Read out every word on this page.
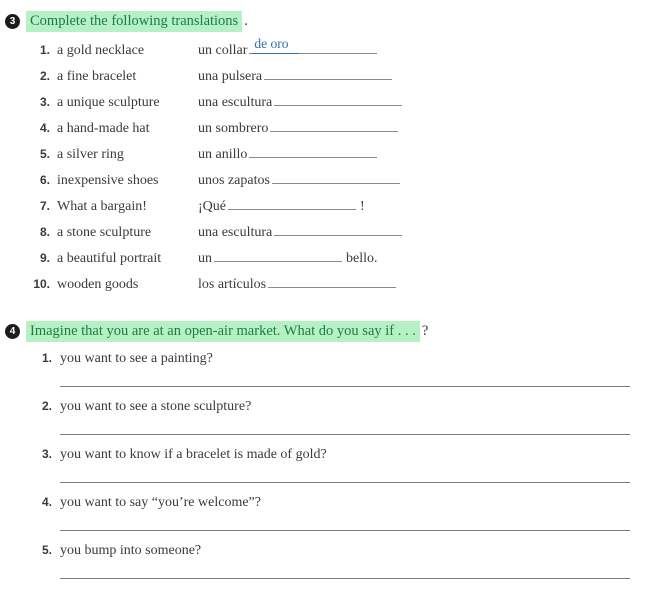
3	Complete the following translations .
1. a gold necklace	un collar de oro
2. a fine bracelet	una pulsera
3. a unique sculpture	una escultura
4. a hand-made hat	un sombrero
5. a silver ring	un anillo
6. inexpensive shoes	unos zapatos
7. What a bargain!	¡Qué	!
8. a stone sculpture	una escultura
9. a beautiful portrait	un	bello.
10. wooden goods	los artículos
4	Imagine that you are at an open-air market. What do you say if . . . ?
1. you want to see a painting?
2. you want to see a stone sculpture?
3. you want to know if a bracelet is made of gold?
4. you want to say “you’re welcome”?
5. you bump into someone?
